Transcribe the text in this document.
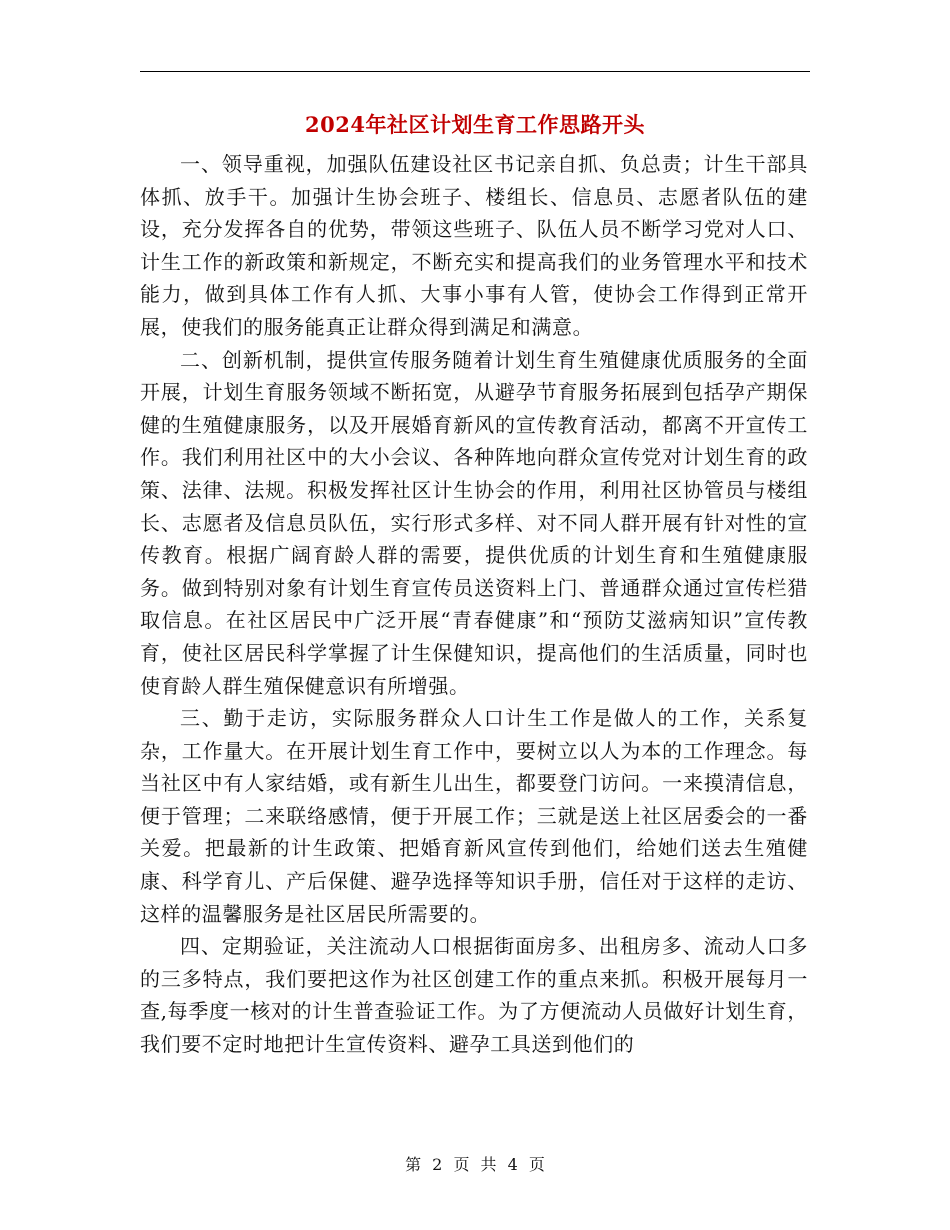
2024年社区计划生育工作思路开头

一、领导重视，加强队伍建设社区书记亲自抓、负总责；计生干部具体抓、放手干。加强计生协会班子、楼组长、信息员、志愿者队伍的建设，充分发挥各自的优势，带领这些班子、队伍人员不断学习党对人口、计生工作的新政策和新规定，不断充实和提高我们的业务管理水平和技术能力，做到具体工作有人抓、大事小事有人管，使协会工作得到正常开展，使我们的服务能真正让群众得到满足和满意。

二、创新机制，提供宣传服务随着计划生育生殖健康优质服务的全面开展，计划生育服务领域不断拓宽，从避孕节育服务拓展到包括孕产期保健的生殖健康服务，以及开展婚育新风的宣传教育活动，都离不开宣传工作。我们利用社区中的大小会议、各种阵地向群众宣传党对计划生育的政策、法律、法规。积极发挥社区计生协会的作用，利用社区协管员与楼组长、志愿者及信息员队伍，实行形式多样、对不同人群开展有针对性的宣传教育。根据广阔育龄人群的需要，提供优质的计划生育和生殖健康服务。做到特别对象有计划生育宣传员送资料上门、普通群众通过宣传栏猎取信息。在社区居民中广泛开展“青春健康”和“预防艾滋病知识”宣传教育，使社区居民科学掌握了计生保健知识，提高他们的生活质量，同时也使育龄人群生殖保健意识有所增强。

三、勤于走访，实际服务群众人口计生工作是做人的工作，关系复杂，工作量大。在开展计划生育工作中，要树立以人为本的工作理念。每当社区中有人家结婚，或有新生儿出生，都要登门访问。一来摸清信息，便于管理；二来联络感情，便于开展工作；三就是送上社区居委会的一番关爱。把最新的计生政策、把婚育新风宣传到他们，给她们送去生殖健康、科学育儿、产后保健、避孕选择等知识手册，信任对于这样的走访、这样的温馨服务是社区居民所需要的。

四、定期验证，关注流动人口根据街面房多、出租房多、流动人口多的三多特点，我们要把这作为社区创建工作的重点来抓。积极开展每月一查,每季度一核对的计生普查验证工作。为了方便流动人员做好计划生育，我们要不定时地把计生宣传资料、避孕工具送到他们的

第 2 页 共 4 页
